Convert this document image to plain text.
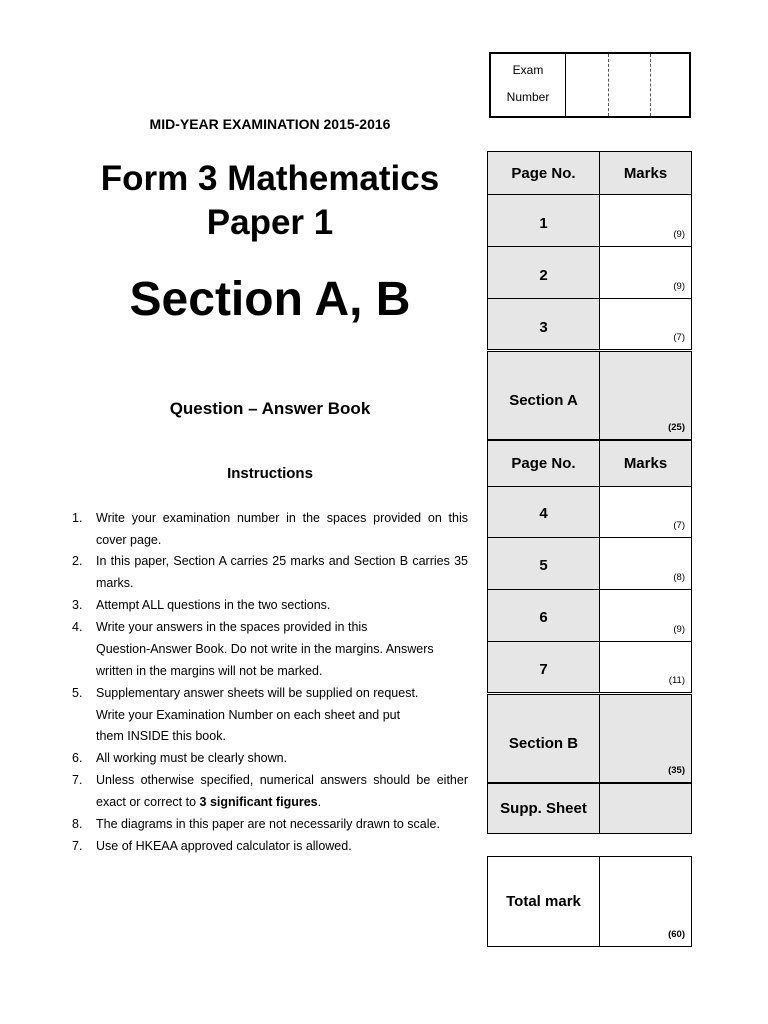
Exam
Number
MID-YEAR EXAMINATION 2015-2016
Form 3 Mathematics
Paper 1
Section A, B
Question – Answer Book
Instructions
1. Write your examination number in the spaces provided on this
cover page.
2. In this paper, Section A carries 25 marks and Section B carries 35
marks.
3. Attempt ALL questions in the two sections.
4. Write your answers in the spaces provided in this
Question-Answer Book. Do not write in the margins. Answers
written in the margins will not be marked.
5. Supplementary answer sheets will be supplied on request.
Write your Examination Number on each sheet and put
them INSIDE this book.
6. All working must be clearly shown.
7. Unless otherwise specified, numerical answers should be either
exact or correct to 3 significant figures.
8. The diagrams in this paper are not necessarily drawn to scale.
7. Use of HKEAA approved calculator is allowed.
Page No.	Marks
1
(9)
2
(9)
3
(7)
Section A
(25)
Page No.	Marks
4
(7)
5
(8)
6
(9)
7
(11)
Section B
(35)
Supp. Sheet
Total mark
(60)
